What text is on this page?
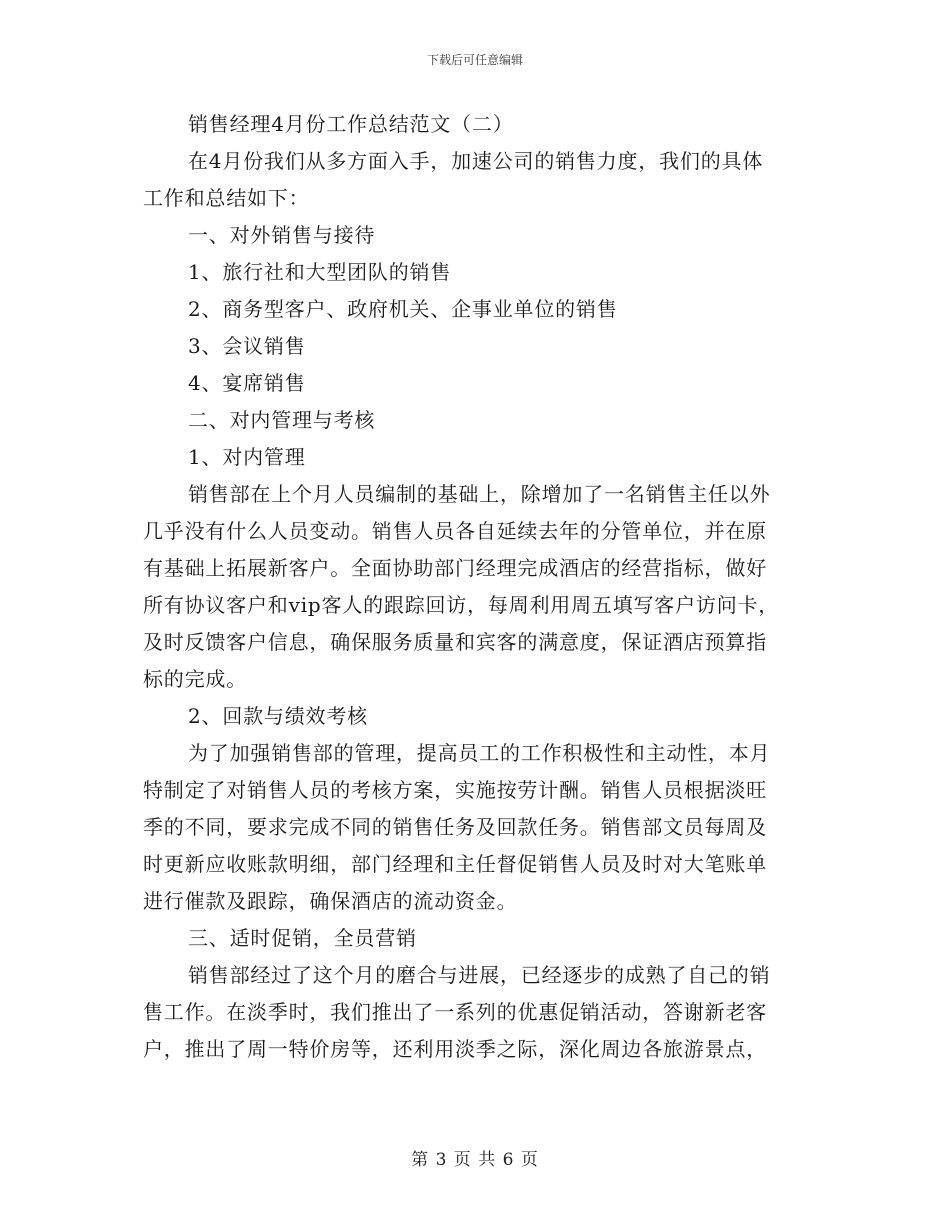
下载后可任意编辑
销售经理4月份工作总结范文（二）
在4月份我们从多方面入手，加速公司的销售力度，我们的具体
工作和总结如下：
一、对外销售与接待
1、旅行社和大型团队的销售
2、商务型客户、政府机关、企事业单位的销售
3、会议销售
4、宴席销售
二、对内管理与考核
1、对内管理
销售部在上个月人员编制的基础上，除增加了一名销售主任以外
几乎没有什么人员变动。销售人员各自延续去年的分管单位，并在原
有基础上拓展新客户。全面协助部门经理完成酒店的经营指标，做好
所有协议客户和vip客人的跟踪回访，每周利用周五填写客户访问卡，
及时反馈客户信息，确保服务质量和宾客的满意度，保证酒店预算指
标的完成。
2、回款与绩效考核
为了加强销售部的管理，提高员工的工作积极性和主动性，本月
特制定了对销售人员的考核方案，实施按劳计酬。销售人员根据淡旺
季的不同，要求完成不同的销售任务及回款任务。销售部文员每周及
时更新应收账款明细，部门经理和主任督促销售人员及时对大笔账单
进行催款及跟踪，确保酒店的流动资金。
三、适时促销，全员营销
销售部经过了这个月的磨合与进展，已经逐步的成熟了自己的销
售工作。在淡季时，我们推出了一系列的优惠促销活动，答谢新老客
户，推出了周一特价房等，还利用淡季之际，深化周边各旅游景点，
第 3 页 共 6 页
